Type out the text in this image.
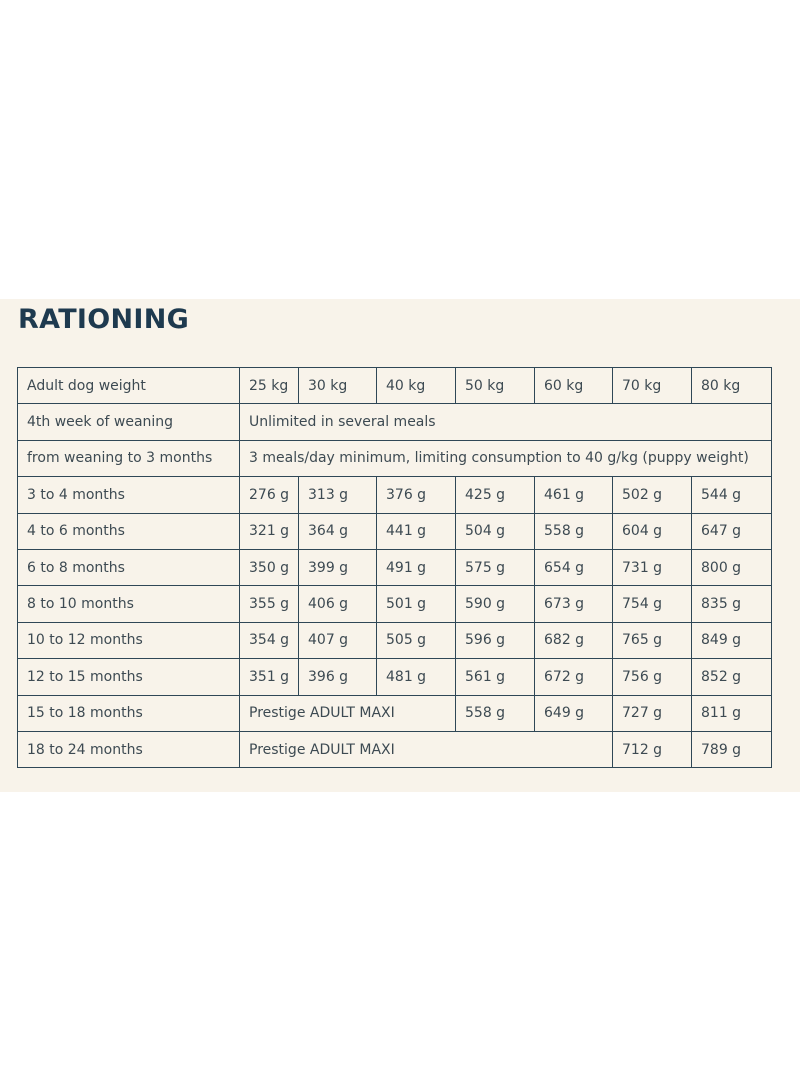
RATIONING
Adult dog weight	25 kg	30 kg	40 kg	50 kg	60 kg	70 kg	80 kg
4th week of weaning	Unlimited in several meals						
from weaning to 3 months	3 meals/day minimum, limiting consumption to 40 g/kg (puppy weight)						
3 to 4 months	276 g	313 g	376 g	425 g	461 g	502 g	544 g
4 to 6 months	321 g	364 g	441 g	504 g	558 g	604 g	647 g
6 to 8 months	350 g	399 g	491 g	575 g	654 g	731 g	800 g
8 to 10 months	355 g	406 g	501 g	590 g	673 g	754 g	835 g
10 to 12 months	354 g	407 g	505 g	596 g	682 g	765 g	849 g
12 to 15 months	351 g	396 g	481 g	561 g	672 g	756 g	852 g
15 to 18 months	Prestige ADULT MAXI			558 g	649 g	727 g	811 g
18 to 24 months	Prestige ADULT MAXI					712 g	789 g
